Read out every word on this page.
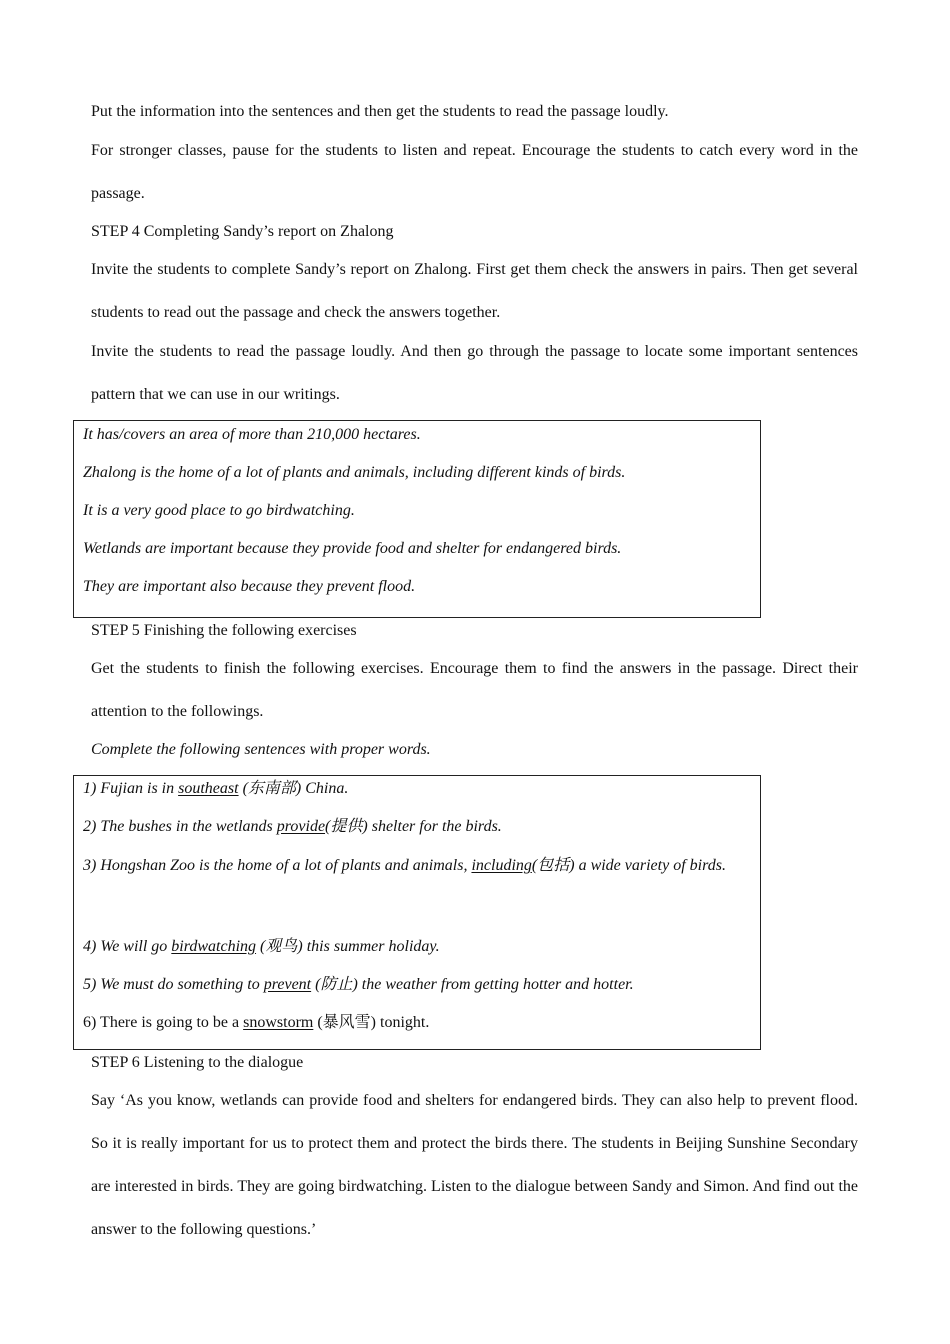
Put the information into the sentences and then get the students to read the passage loudly.

For stronger classes, pause for the students to listen and repeat. Encourage the students to catch every word in the passage.

STEP 4 Completing Sandy’s report on Zhalong

Invite the students to complete Sandy’s report on Zhalong. First get them check the answers in pairs. Then get several students to read out the passage and check the answers together.

Invite the students to read the passage loudly. And then go through the passage to locate some important sentences pattern that we can use in our writings.

It has/covers an area of more than 210,000 hectares.

Zhalong is the home of a lot of plants and animals, including different kinds of birds.

It is a very good place to go birdwatching.

Wetlands are important because they provide food and shelter for endangered birds.

They are important also because they prevent flood.

STEP 5 Finishing the following exercises

Get the students to finish the following exercises. Encourage them to find the answers in the passage. Direct their attention to the followings.

Complete the following sentences with proper words.

1) Fujian is in southeast (东南部) China.

2) The bushes in the wetlands provide(提供) shelter for the birds.

3) Hongshan Zoo is the home of a lot of plants and animals, including(包括) a wide variety of birds.

4) We will go birdwatching (观鸟) this summer holiday.

5) We must do something to prevent (防止) the weather from getting hotter and hotter.

6) There is going to be a snowstorm (暴风雪) tonight.

STEP 6 Listening to the dialogue

Say ‘As you know, wetlands can provide food and shelters for endangered birds. They can also help to prevent flood. So it is really important for us to protect them and protect the birds there. The students in Beijing Sunshine Secondary are interested in birds. They are going birdwatching. Listen to the dialogue between Sandy and Simon. And find out the answer to the following questions.’
